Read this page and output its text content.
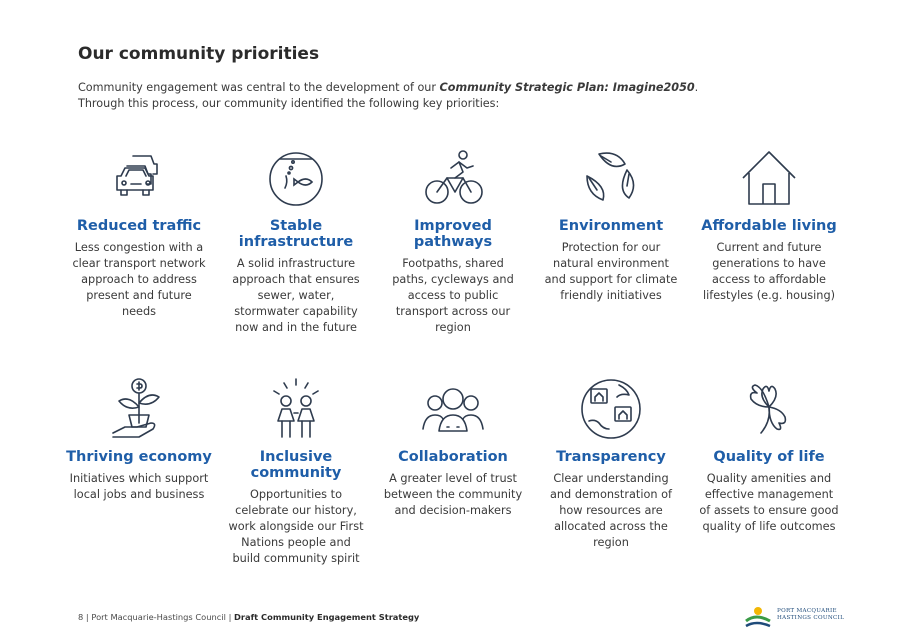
Our community priorities
Community engagement was central to the development of our Community Strategic Plan: Imagine2050.
Through this process, our community identified the following key priorities:
Reduced traffic

Less congestion with a clear transport network approach to address present and future needs

Stable infrastructure

A solid infrastructure approach that ensures sewer, water, stormwater capability now and in the future

Improved pathways

Footpaths, shared paths, cycleways and access to public transport across our region

Environment

Protection for our natural environment and support for climate friendly initiatives

Affordable living

Current and future generations to have access to affordable lifestyles (e.g. housing)

Thriving economy

Initiatives which support local jobs and business

Inclusive community

Opportunities to celebrate our history, work alongside our First Nations people and build community spirit

Collaboration

A greater level of trust between the community and decision-makers

Transparency

Clear understanding and demonstration of how resources are allocated across the region

Quality of life

Quality amenities and effective management of assets to ensure good quality of life outcomes

8 | Port Macquarie-Hastings Council | Draft Community Engagement Strategy
PORT MACQUARIE
HASTINGS COUNCIL
